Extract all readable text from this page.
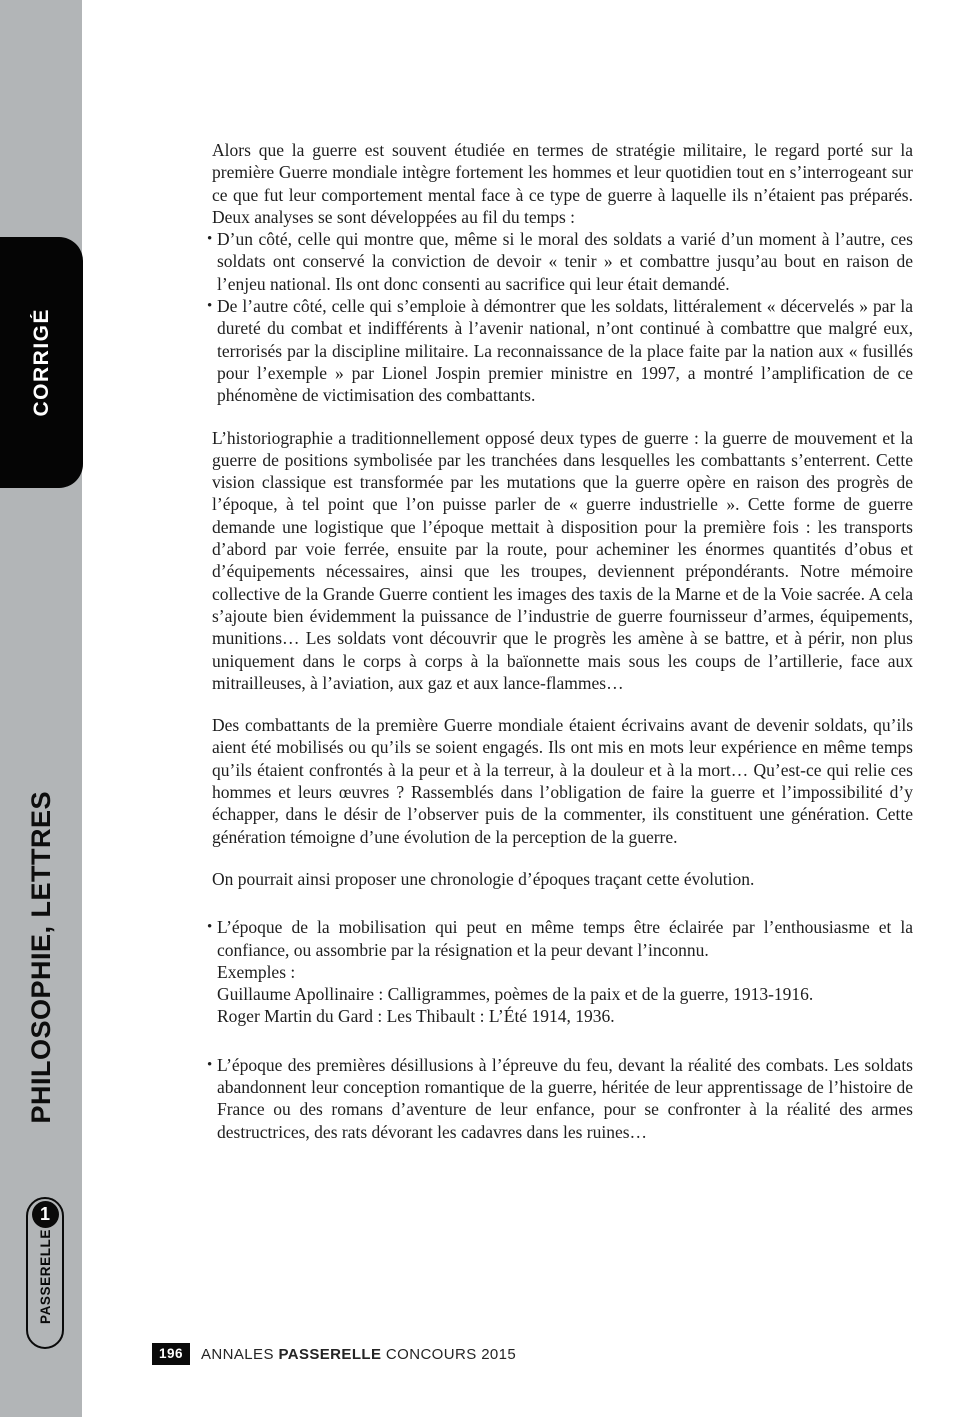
CORRIGÉ
PHILOSOPHIE, LETTRES
1
PASSERELLE

Alors que la guerre est souvent étudiée en termes de stratégie militaire, le regard porté sur la première Guerre mondiale intègre fortement les hommes et leur quotidien tout en s’interrogeant sur ce que fut leur comportement mental face à ce type de guerre à laquelle ils n’étaient pas préparés. Deux analyses se sont développées au fil du temps :

• D’un côté, celle qui montre que, même si le moral des soldats a varié d’un moment à l’autre, ces soldats ont conservé la conviction de devoir « tenir » et combattre jusqu’au bout en raison de l’enjeu national. Ils ont donc consenti au sacrifice qui leur était demandé.
• De l’autre côté, celle qui s’emploie à démontrer que les soldats, littéralement « décervelés » par la dureté du combat et indifférents à l’avenir national, n’ont continué à combattre que malgré eux, terrorisés par la discipline militaire. La reconnaissance de la place faite par la nation aux « fusillés pour l’exemple » par Lionel Jospin premier ministre en 1997, a montré l’amplification de ce phénomène de victimisation des combattants.

L’historiographie a traditionnellement opposé deux types de guerre : la guerre de mouvement et la guerre de positions symbolisée par les tranchées dans lesquelles les combattants s’enterrent. Cette vision classique est transformée par les mutations que la guerre opère en raison des progrès de l’époque, à tel point que l’on puisse parler de « guerre industrielle ». Cette forme de guerre demande une logistique que l’époque mettait à disposition pour la première fois : les transports d’abord par voie ferrée, ensuite par la route, pour acheminer les énormes quantités d’obus et d’équipements nécessaires, ainsi que les troupes, deviennent prépondérants. Notre mémoire collective de la Grande Guerre contient les images des taxis de la Marne et de la Voie sacrée. A cela s’ajoute bien évidemment la puissance de l’industrie de guerre fournisseur d’armes, équipements, munitions… Les soldats vont découvrir que le progrès les amène à se battre, et à périr, non plus uniquement dans le corps à corps à la baïonnette mais sous les coups de l’artillerie, face aux mitrailleuses, à l’aviation, aux gaz et aux lance-flammes…

Des combattants de la première Guerre mondiale étaient écrivains avant de devenir soldats, qu’ils aient été mobilisés ou qu’ils se soient engagés. Ils ont mis en mots leur expérience en même temps qu’ils étaient confrontés à la peur et à la terreur, à la douleur et à la mort… Qu’est-ce qui relie ces hommes et leurs œuvres ? Rassemblés dans l’obligation de faire la guerre et l’impossibilité d’y échapper, dans le désir de l’observer puis de la commenter, ils constituent une génération. Cette génération témoigne d’une évolution de la perception de la guerre.

On pourrait ainsi proposer une chronologie d’époques traçant cette évolution.

• L’époque de la mobilisation qui peut en même temps être éclairée par l’enthousiasme et la confiance, ou assombrie par la résignation et la peur devant l’inconnu.
Exemples :
Guillaume Apollinaire : Calligrammes, poèmes de la paix et de la guerre, 1913-1916.
Roger Martin du Gard : Les Thibault : L’Été 1914, 1936.
• L’époque des premières désillusions à l’épreuve du feu, devant la réalité des combats. Les soldats abandonnent leur conception romantique de la guerre, héritée de leur apprentissage de l’histoire de France ou des romans d’aventure de leur enfance, pour se confronter à la réalité des armes destructrices, des rats dévorant les cadavres dans les ruines…
196	ANNALES PASSERELLE CONCOURS 2015
